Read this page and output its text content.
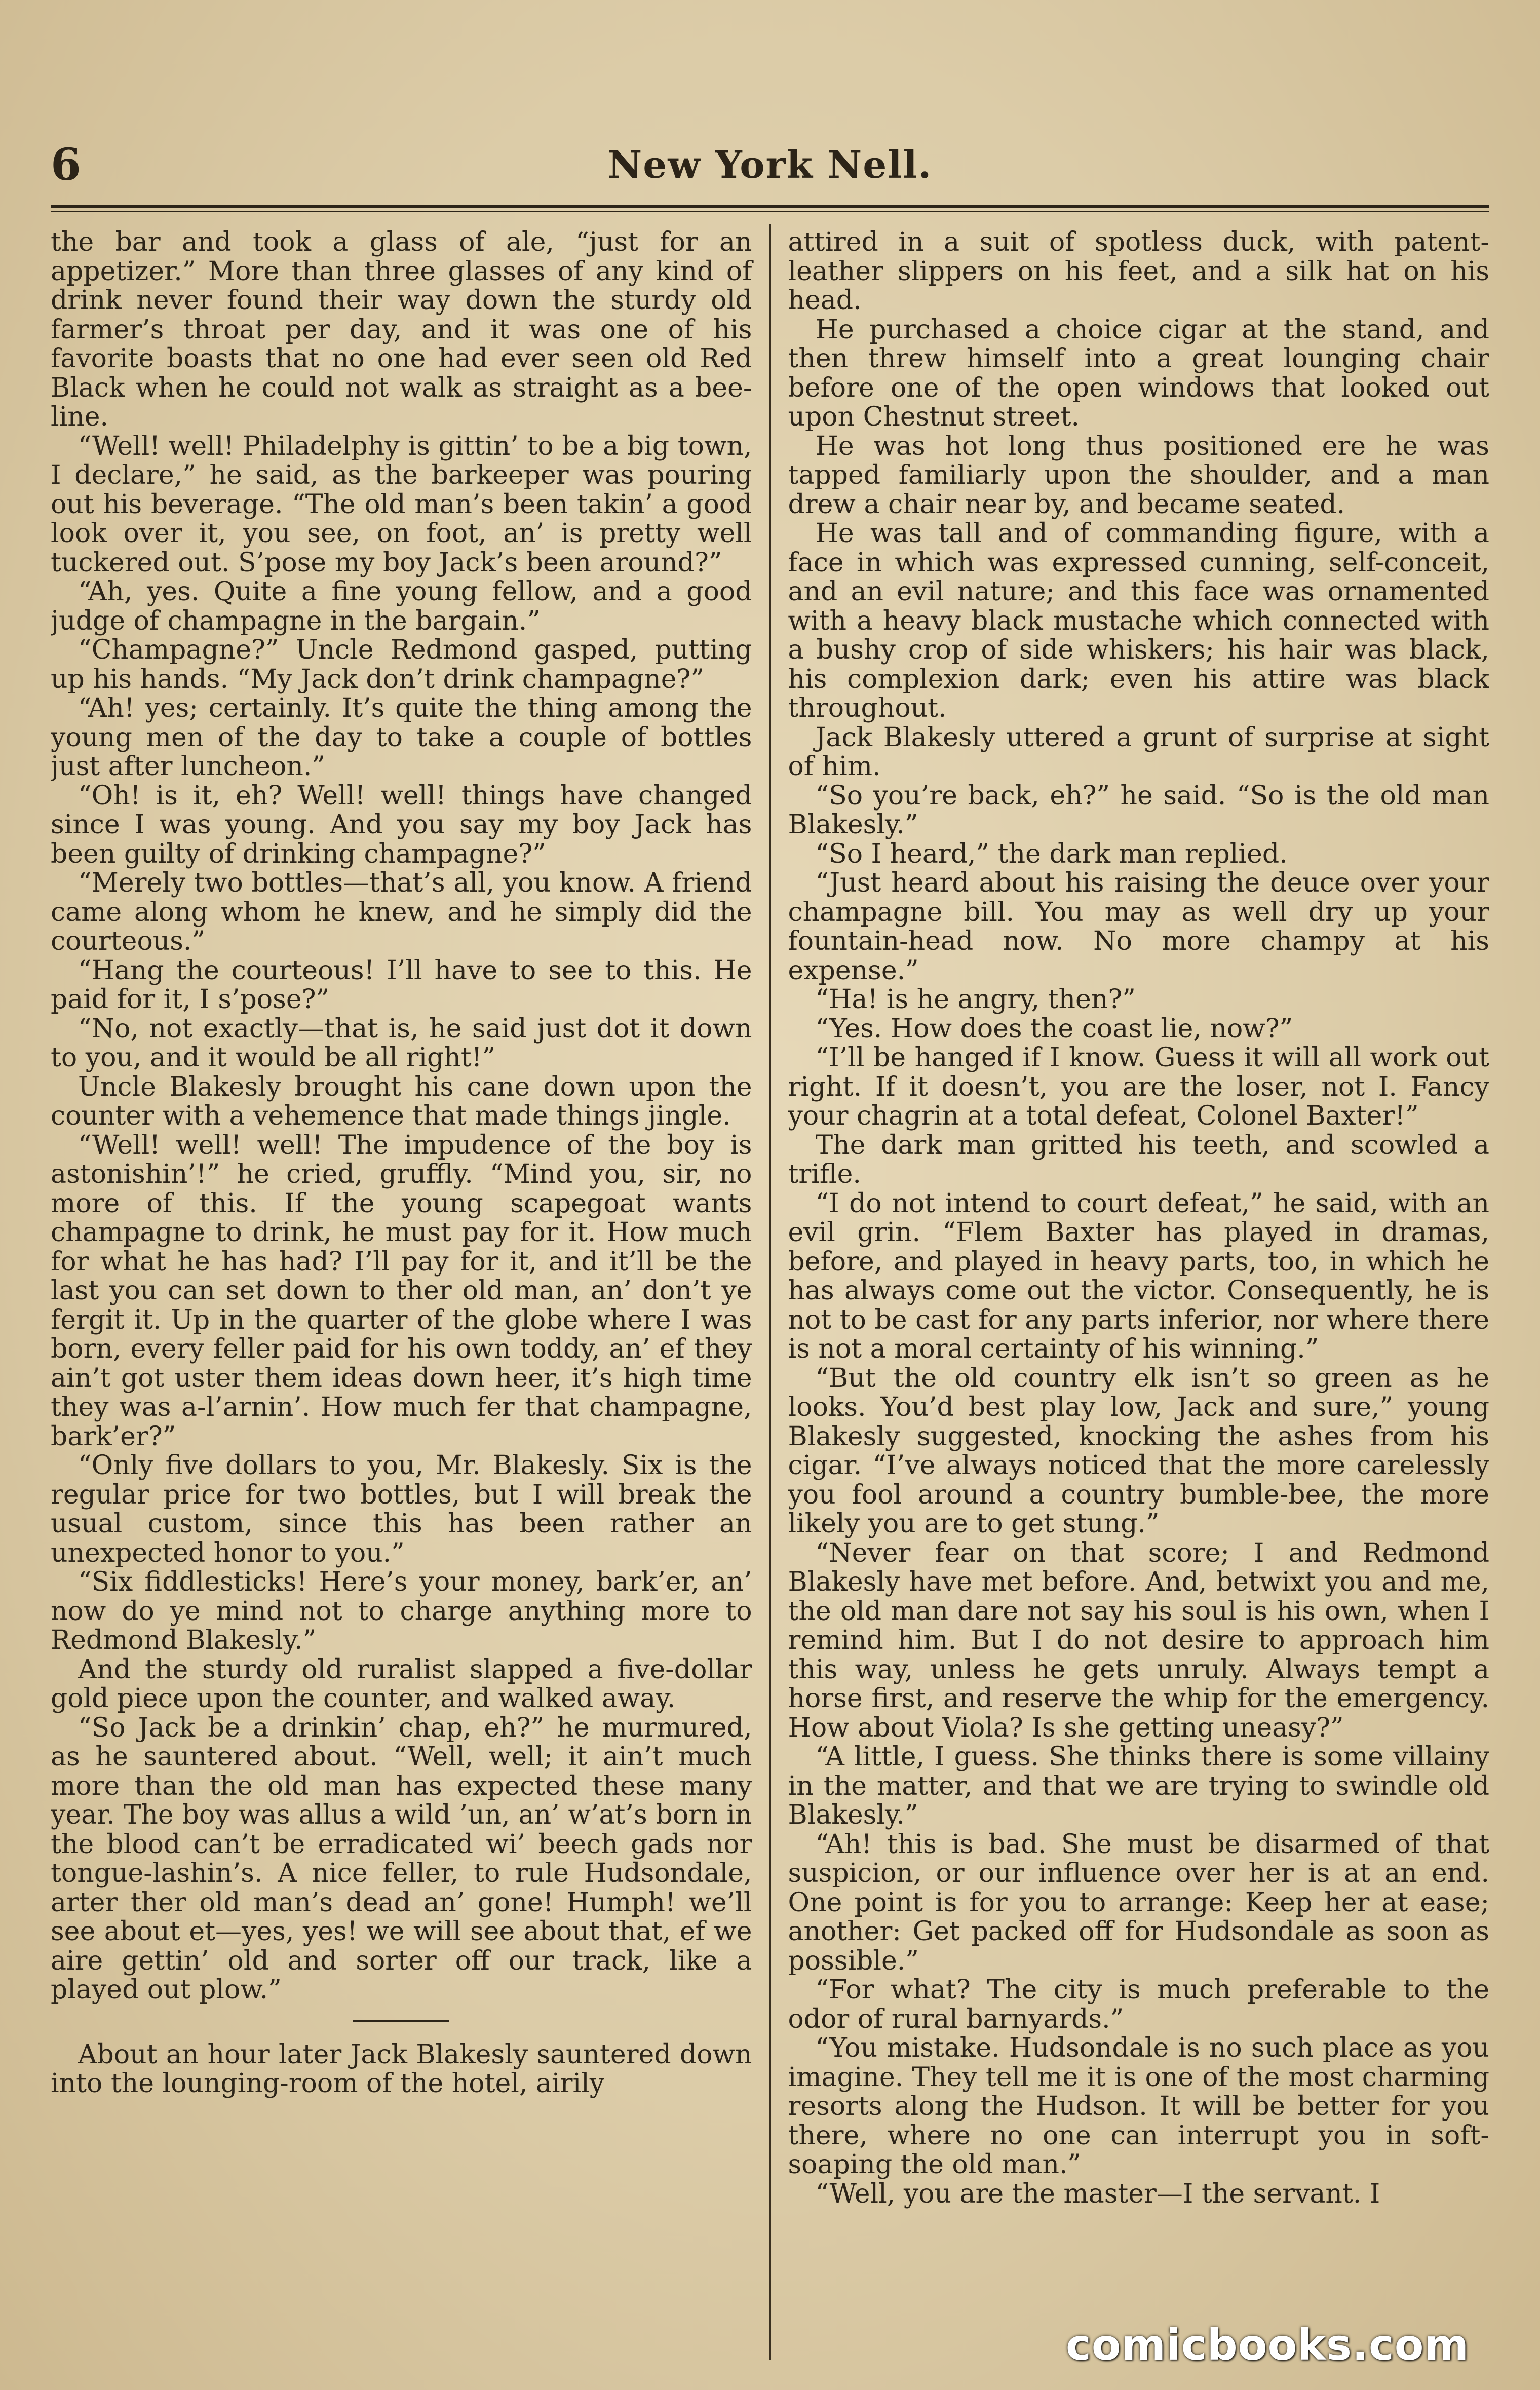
6	New York Nell.

the bar and took a glass of ale, “just for an appetizer.” More than three glasses of any kind of drink never found their way down the sturdy old farmer’s throat per day, and it was one of his favorite boasts that no one had ever seen old Red Black when he could not walk as straight as a bee-line.

“Well! well! Philadelphy is gittin’ to be a big town, I declare,” he said, as the barkeeper was pouring out his beverage. “The old man’s been takin’ a good look over it, you see, on foot, an’ is pretty well tuckered out. S’pose my boy Jack’s been around?”

“Ah, yes. Quite a fine young fellow, and a good judge of champagne in the bargain.”

“Champagne?” Uncle Redmond gasped, putting up his hands. “My Jack don’t drink champagne?”

“Ah! yes; certainly. It’s quite the thing among the young men of the day to take a couple of bottles just after luncheon.”

“Oh! is it, eh? Well! well! things have changed since I was young. And you say my boy Jack has been guilty of drinking champagne?”

“Merely two bottles—that’s all, you know. A friend came along whom he knew, and he simply did the courteous.”

“Hang the courteous! I’ll have to see to this. He paid for it, I s’pose?”

“No, not exactly—that is, he said just dot it down to you, and it would be all right!”

Uncle Blakesly brought his cane down upon the counter with a vehemence that made things jingle.

“Well! well! well! The impudence of the boy is astonishin’!” he cried, gruffly. “Mind you, sir, no more of this. If the young scapegoat wants champagne to drink, he must pay for it. How much for what he has had? I’ll pay for it, and it’ll be the last you can set down to ther old man, an’ don’t ye fergit it. Up in the quarter of the globe where I was born, every feller paid for his own toddy, an’ ef they ain’t got uster them ideas down heer, it’s high time they was a-l’arnin’. How much fer that champagne, bark’er?”

“Only five dollars to you, Mr. Blakesly. Six is the regular price for two bottles, but I will break the usual custom, since this has been rather an unexpected honor to you.”

“Six fiddlesticks! Here’s your money, bark’er, an’ now do ye mind not to charge anything more to Redmond Blakesly.”

And the sturdy old ruralist slapped a five-dollar gold piece upon the counter, and walked away.

“So Jack be a drinkin’ chap, eh?” he murmured, as he sauntered about. “Well, well; it ain’t much more than the old man has expected these many year. The boy was allus a wild ’un, an’ w’at’s born in the blood can’t be erradicated wi’ beech gads nor tongue-lashin’s. A nice feller, to rule Hudsondale, arter ther old man’s dead an’ gone! Humph! we’ll see about et—yes, yes! we will see about that, ef we aire gettin’ old and sorter off our track, like a played out plow.”

About an hour later Jack Blakesly sauntered down into the lounging-room of the hotel, airily

attired in a suit of spotless duck, with patent-leather slippers on his feet, and a silk hat on his head.

He purchased a choice cigar at the stand, and then threw himself into a great lounging chair before one of the open windows that looked out upon Chestnut street.

He was hot long thus positioned ere he was tapped familiarly upon the shoulder, and a man drew a chair near by, and became seated.

He was tall and of commanding figure, with a face in which was expressed cunning, self-conceit, and an evil nature; and this face was ornamented with a heavy black mustache which connected with a bushy crop of side whiskers; his hair was black, his complexion dark; even his attire was black throughout.

Jack Blakesly uttered a grunt of surprise at sight of him.

“So you’re back, eh?” he said. “So is the old man Blakesly.”

“So I heard,” the dark man replied.

“Just heard about his raising the deuce over your champagne bill. You may as well dry up your fountain-head now. No more champy at his expense.”

“Ha! is he angry, then?”

“Yes. How does the coast lie, now?”

“I’ll be hanged if I know. Guess it will all work out right. If it doesn’t, you are the loser, not I. Fancy your chagrin at a total defeat, Colonel Baxter!”

The dark man gritted his teeth, and scowled a trifle.

“I do not intend to court defeat,” he said, with an evil grin. “Flem Baxter has played in dramas, before, and played in heavy parts, too, in which he has always come out the victor. Consequently, he is not to be cast for any parts inferior, nor where there is not a moral certainty of his winning.”

“But the old country elk isn’t so green as he looks. You’d best play low, Jack and sure,” young Blakesly suggested, knocking the ashes from his cigar. “I’ve always noticed that the more carelessly you fool around a country bumble-bee, the more likely you are to get stung.”

“Never fear on that score; I and Redmond Blakesly have met before. And, betwixt you and me, the old man dare not say his soul is his own, when I remind him. But I do not desire to approach him this way, unless he gets unruly. Always tempt a horse first, and reserve the whip for the emergency. How about Viola? Is she getting uneasy?”

“A little, I guess. She thinks there is some villainy in the matter, and that we are trying to swindle old Blakesly.”

“Ah! this is bad. She must be disarmed of that suspicion, or our influence over her is at an end. One point is for you to arrange: Keep her at ease; another: Get packed off for Hudsondale as soon as possible.”

“For what? The city is much preferable to the odor of rural barnyards.”

“You mistake. Hudsondale is no such place as you imagine. They tell me it is one of the most charming resorts along the Hudson. It will be better for you there, where no one can interrupt you in soft-soaping the old man.”

“Well, you are the master—I the servant. I

comicbooks.com
